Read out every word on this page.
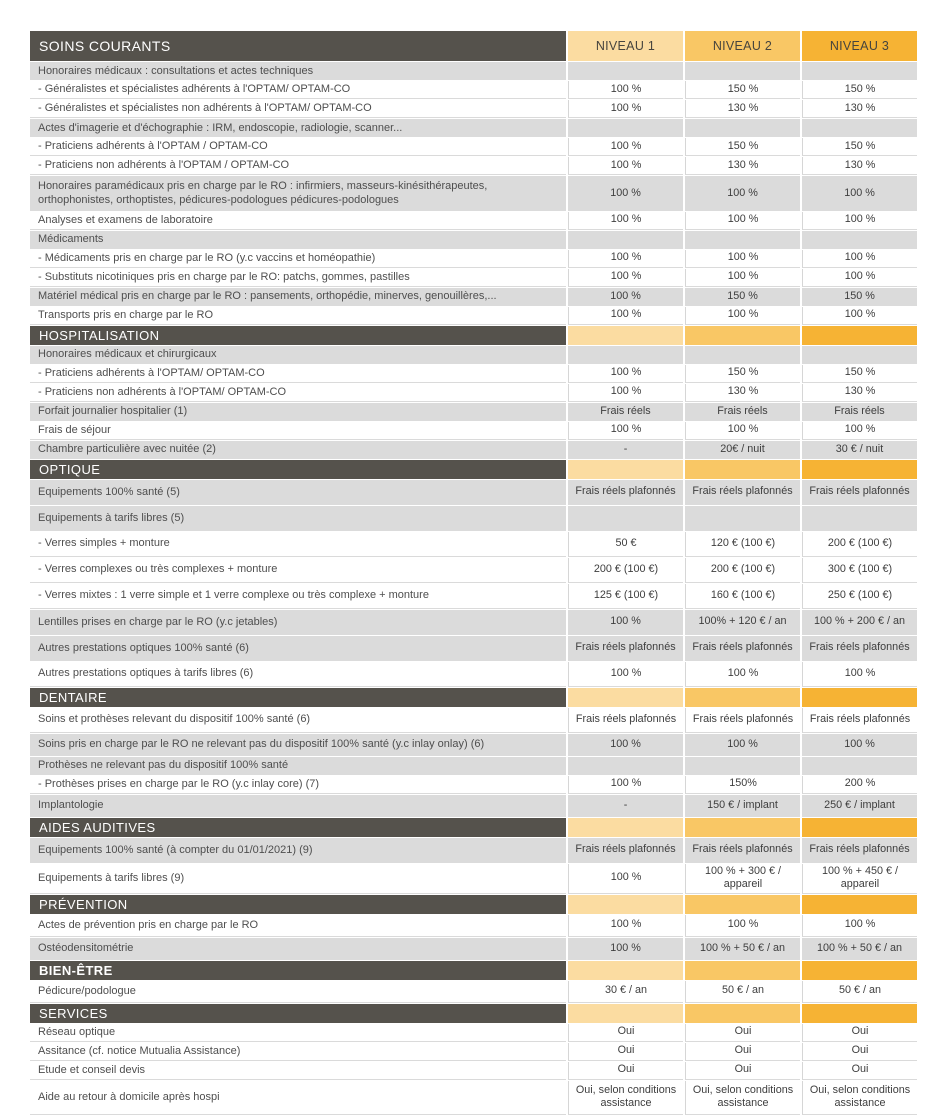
SOINS COURANTS	NIVEAU 1	NIVEAU 2	NIVEAU 3
Honoraires médicaux : consultations et actes techniques			
- Généralistes et spécialistes adhérents à l'OPTAM/ OPTAM-CO	100 %	150 %	150 %
- Généralistes et spécialistes non adhérents à l'OPTAM/ OPTAM-CO	100 %	130 %	130 %
Actes d'imagerie et d'échographie : IRM, endoscopie, radiologie, scanner...			
- Praticiens adhérents à l'OPTAM / OPTAM-CO	100 %	150 %	150 %
- Praticiens non adhérents à l'OPTAM / OPTAM-CO	100 %	130 %	130 %
Honoraires paramédicaux pris en charge par le RO : infirmiers, masseurs-kinésithérapeutes, orthophonistes, orthoptistes, pédicures-podologues pédicures-podologues	100 %	100 %	100 %
Analyses et examens de laboratoire	100 %	100 %	100 %
Médicaments			
- Médicaments pris en charge par le RO (y.c vaccins et homéopathie)	100 %	100 %	100 %
- Substituts nicotiniques pris en charge par le RO: patchs, gommes, pastilles	100 %	100 %	100 %
Matériel médical pris en charge par le RO : pansements, orthopédie, minerves, genouillères,...	100 %	150 %	150 %
Transports pris en charge par le RO	100 %	100 %	100 %
HOSPITALISATION			
Honoraires médicaux et chirurgicaux			
- Praticiens adhérents à l'OPTAM/ OPTAM-CO	100 %	150 %	150 %
- Praticiens non adhérents à l'OPTAM/ OPTAM-CO	100 %	130 %	130 %
Forfait journalier hospitalier (1)	Frais réels	Frais réels	Frais réels
Frais de séjour	100 %	100 %	100 %
Chambre particulière avec nuitée (2)	-	20€ / nuit	30 € / nuit
OPTIQUE			
Equipements 100% santé (5)	Frais réels plafonnés	Frais réels plafonnés	Frais réels plafonnés
Equipements à tarifs libres (5)			
- Verres simples + monture	50 €	120 € (100 €)	200 € (100 €)
- Verres complexes ou très complexes + monture	200 € (100 €)	200 € (100 €)	300 € (100 €)
- Verres mixtes : 1 verre simple et 1 verre complexe ou très complexe + monture	125 € (100 €)	160 € (100 €)	250 € (100 €)
Lentilles prises en charge par le RO (y.c jetables)	100 %	100% + 120 € / an	100 % + 200 € / an
Autres prestations optiques 100% santé (6)	Frais réels plafonnés	Frais réels plafonnés	Frais réels plafonnés
Autres prestations optiques à tarifs libres (6)	100 %	100 %	100 %
DENTAIRE			
Soins et prothèses relevant du dispositif 100% santé (6)	Frais réels plafonnés	Frais réels plafonnés	Frais réels plafonnés
Soins pris en charge par le RO ne relevant pas du dispositif 100% santé (y.c inlay onlay) (6)	100 %	100 %	100 %
Prothèses ne relevant pas du dispositif 100% santé			
- Prothèses prises en charge par le RO (y.c inlay core) (7)	100 %	150%	200 %
Implantologie	-	150 € / implant	250 € / implant
AIDES AUDITIVES			
Equipements 100% santé (à compter du 01/01/2021) (9)	Frais réels plafonnés	Frais réels plafonnés	Frais réels plafonnés
Equipements à tarifs libres (9)	100 %	100 % + 300 € / appareil	100 % + 450 € / appareil
PRÉVENTION			
Actes de prévention pris en charge par le RO	100 %	100 %	100 %
Ostéodensitométrie	100 %	100 % + 50 € / an	100 % + 50 € / an
BIEN-ÊTRE			
Pédicure/podologue	30 € / an	50 € / an	50 € / an
SERVICES			
Réseau optique	Oui	Oui	Oui
Assitance (cf. notice Mutualia Assistance)	Oui	Oui	Oui
Etude et conseil devis	Oui	Oui	Oui
Aide au retour à domicile après hospi	Oui, selon conditions assistance	Oui, selon conditions assistance	Oui, selon conditions assistance
